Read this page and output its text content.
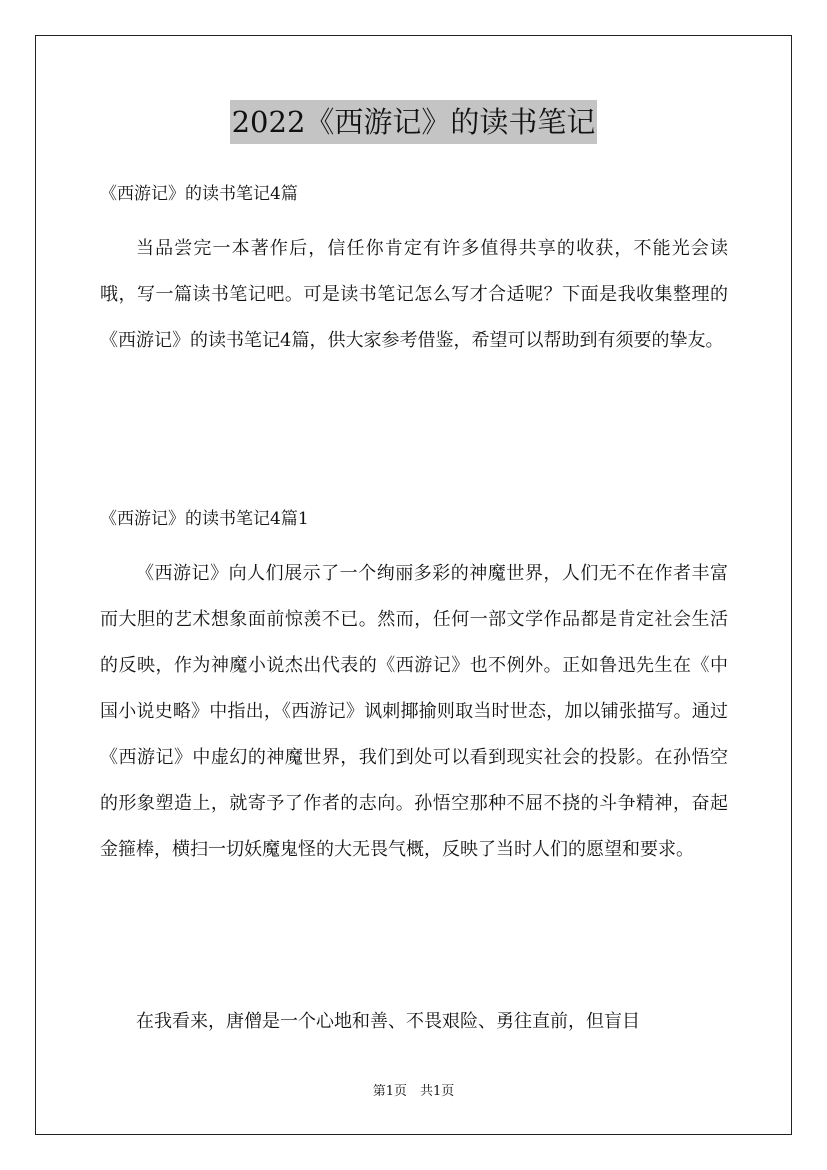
2022《西游记》的读书笔记

《西游记》的读书笔记4篇

当品尝完一本著作后，信任你肯定有许多值得共享的收获，不能光会读哦，写一篇读书笔记吧。可是读书笔记怎么写才合适呢？下面是我收集整理的《西游记》的读书笔记4篇，供大家参考借鉴，希望可以帮助到有须要的挚友。

《西游记》的读书笔记4篇1

《西游记》向人们展示了一个绚丽多彩的神魔世界，人们无不在作者丰富而大胆的艺术想象面前惊羡不已。然而，任何一部文学作品都是肯定社会生活的反映，作为神魔小说杰出代表的《西游记》也不例外。正如鲁迅先生在《中国小说史略》中指出，《西游记》讽刺揶揄则取当时世态，加以铺张描写。通过《西游记》中虚幻的神魔世界，我们到处可以看到现实社会的投影。在孙悟空的形象塑造上，就寄予了作者的志向。孙悟空那种不屈不挠的斗争精神，奋起金箍棒，横扫一切妖魔鬼怪的大无畏气概，反映了当时人们的愿望和要求。

在我看来，唐僧是一个心地和善、不畏艰险、勇往直前，但盲目

第1页　共1页
